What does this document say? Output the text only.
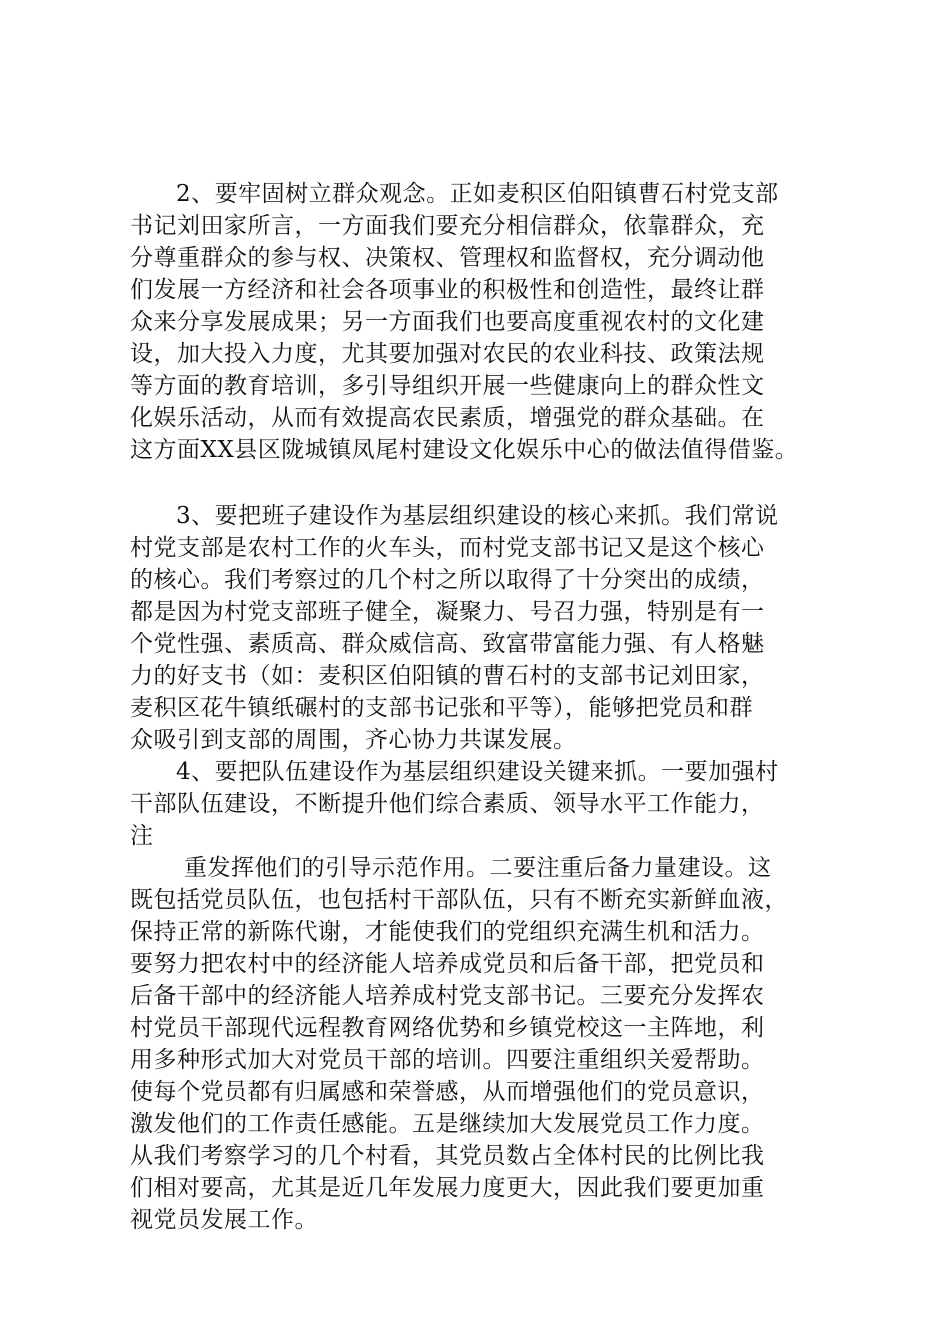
2、要牢固树立群众观念。正如麦积区伯阳镇曹石村党支部
书记刘田家所言，一方面我们要充分相信群众，依靠群众，充
分尊重群众的参与权、决策权、管理权和监督权，充分调动他
们发展一方经济和社会各项事业的积极性和创造性，最终让群
众来分享发展成果；另一方面我们也要高度重视农村的文化建
设，加大投入力度，尤其要加强对农民的农业科技、政策法规
等方面的教育培训，多引导组织开展一些健康向上的群众性文
化娱乐活动，从而有效提高农民素质，增强党的群众基础。在
这方面XX县区陇城镇凤尾村建设文化娱乐中心的做法值得借鉴。
3、要把班子建设作为基层组织建设的核心来抓。我们常说
村党支部是农村工作的火车头，而村党支部书记又是这个核心
的核心。我们考察过的几个村之所以取得了十分突出的成绩，
都是因为村党支部班子健全，凝聚力、号召力强，特别是有一
个党性强、素质高、群众威信高、致富带富能力强、有人格魅
力的好支书（如：麦积区伯阳镇的曹石村的支部书记刘田家，
麦积区花牛镇纸碾村的支部书记张和平等），能够把党员和群
众吸引到支部的周围，齐心协力共谋发展。
4、要把队伍建设作为基层组织建设关键来抓。一要加强村
干部队伍建设，不断提升他们综合素质、领导水平工作能力，
注
重发挥他们的引导示范作用。二要注重后备力量建设。这
既包括党员队伍，也包括村干部队伍，只有不断充实新鲜血液，
保持正常的新陈代谢，才能使我们的党组织充满生机和活力。
要努力把农村中的经济能人培养成党员和后备干部，把党员和
后备干部中的经济能人培养成村党支部书记。三要充分发挥农
村党员干部现代远程教育网络优势和乡镇党校这一主阵地，利
用多种形式加大对党员干部的培训。四要注重组织关爱帮助。
使每个党员都有归属感和荣誉感，从而增强他们的党员意识，
激发他们的工作责任感能。五是继续加大发展党员工作力度。
从我们考察学习的几个村看，其党员数占全体村民的比例比我
们相对要高，尤其是近几年发展力度更大，因此我们要更加重
视党员发展工作。
